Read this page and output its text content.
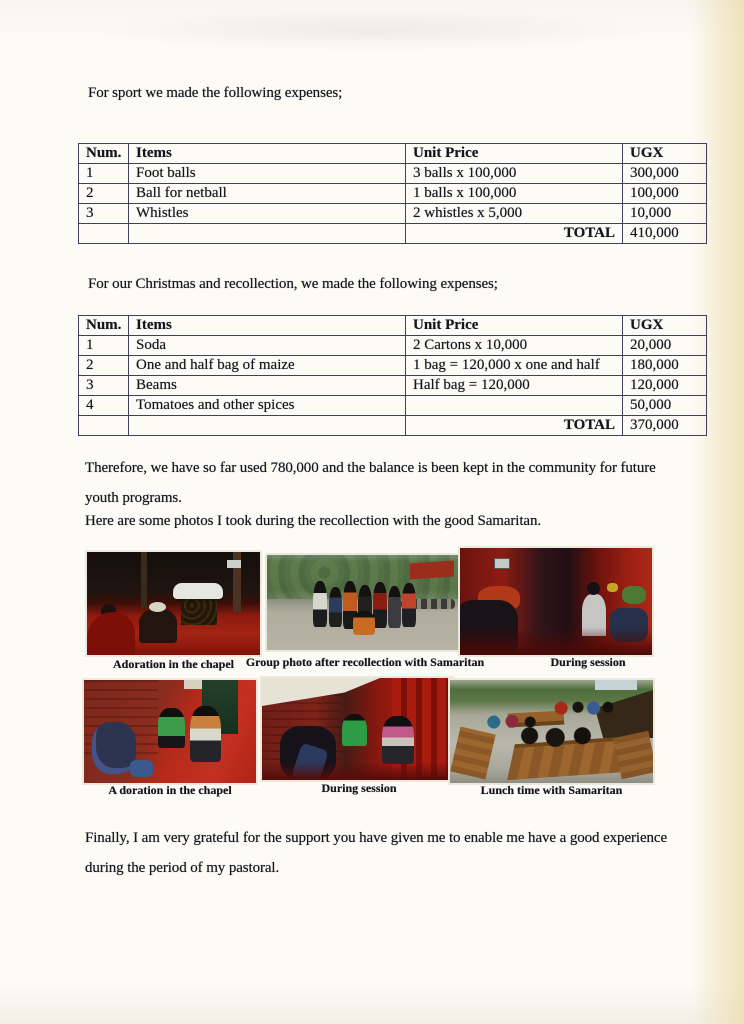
For sport we made the following expenses;
Num.	Items	Unit Price	UGX
1	Foot balls	3 balls x 100,000	300,000
2	Ball for netball	1 balls x 100,000	100,000
3	Whistles	2 whistles x 5,000	10,000
		TOTAL	410,000
For our Christmas and recollection, we made the following expenses;
Num.	Items	Unit Price	UGX
1	Soda	2 Cartons x 10,000	20,000
2	One and half bag of maize	1 bag = 120,000 x one and half	180,000
3	Beams	Half bag = 120,000	120,000
4	Tomatoes and other spices		50,000
		TOTAL	370,000
Therefore, we have so far used 780,000 and the balance is been kept in the community for future
youth programs.
Here are some photos I took during the recollection with the good Samaritan.
Adoration in the chapel Group photo after recollection with Samaritan	During session
A doration in the chapel	During session	Lunch time with Samaritan
Finally, I am very grateful for the support you have given me to enable me have a good experience
during the period of my pastoral.
